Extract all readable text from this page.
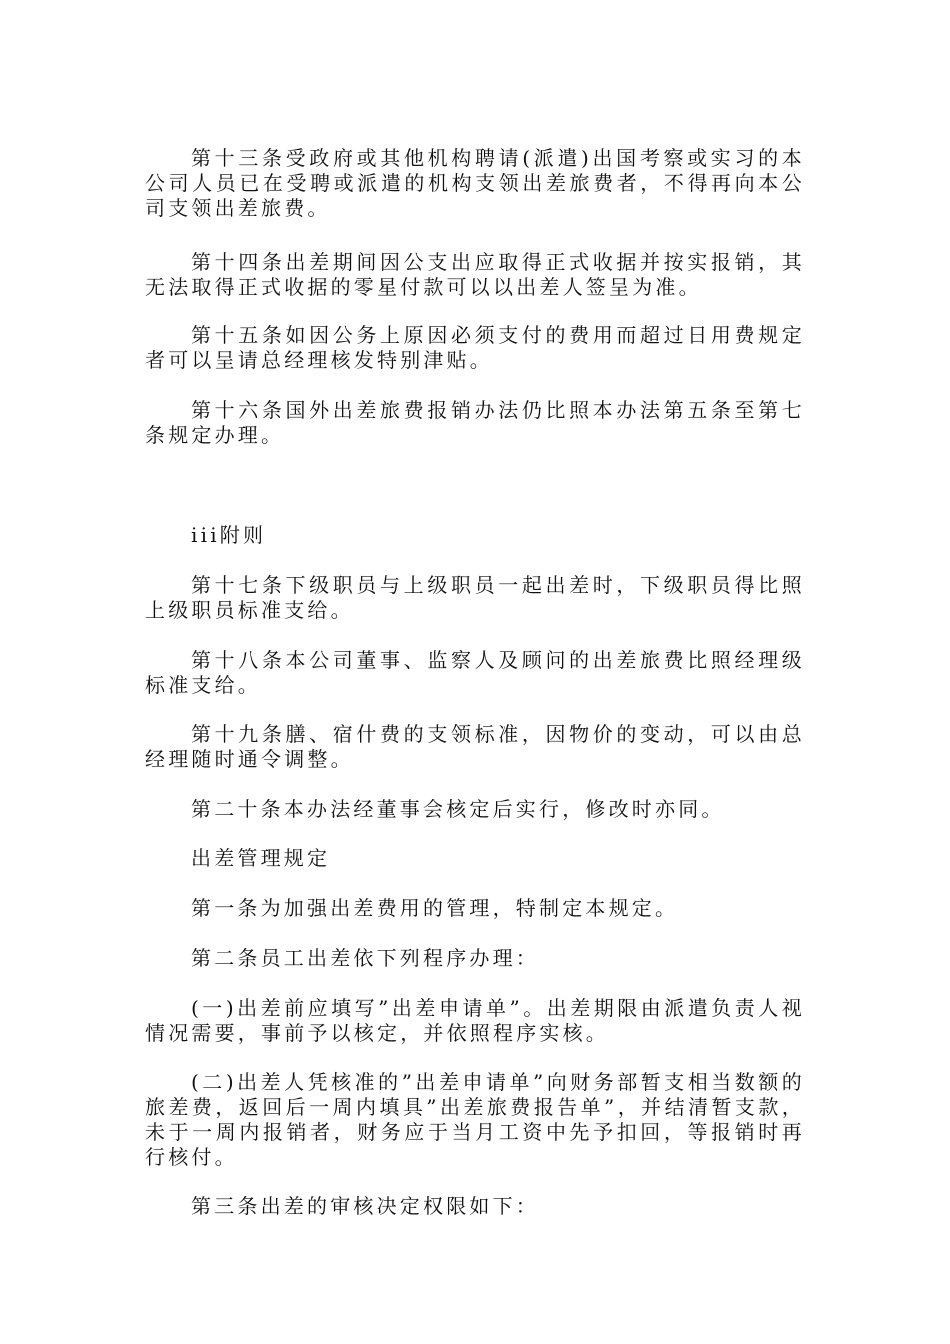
第十三条受政府或其他机构聘请(派遣)出国考察或实习的本公司人员已在受聘或派遣的机构支领出差旅费者，不得再向本公司支领出差旅费。

第十四条出差期间因公支出应取得正式收据并按实报销，其无法取得正式收据的零星付款可以以出差人签呈为准。

第十五条如因公务上原因必须支付的费用而超过日用费规定者可以呈请总经理核发特别津贴。

第十六条国外出差旅费报销办法仍比照本办法第五条至第七条规定办理。

iii附则

第十七条下级职员与上级职员一起出差时，下级职员得比照上级职员标准支给。

第十八条本公司董事、监察人及顾问的出差旅费比照经理级标准支给。

第十九条膳、宿什费的支领标准，因物价的变动，可以由总经理随时通令调整。

第二十条本办法经董事会核定后实行，修改时亦同。

出差管理规定

第一条为加强出差费用的管理，特制定本规定。

第二条员工出差依下列程序办理：

(一)出差前应填写”出差申请单”。出差期限由派遣负责人视情况需要，事前予以核定，并依照程序实核。

(二)出差人凭核准的”出差申请单”向财务部暂支相当数额的旅差费，返回后一周内填具”出差旅费报告单”，并结清暂支款，未于一周内报销者，财务应于当月工资中先予扣回，等报销时再行核付。

第三条出差的审核决定权限如下：
